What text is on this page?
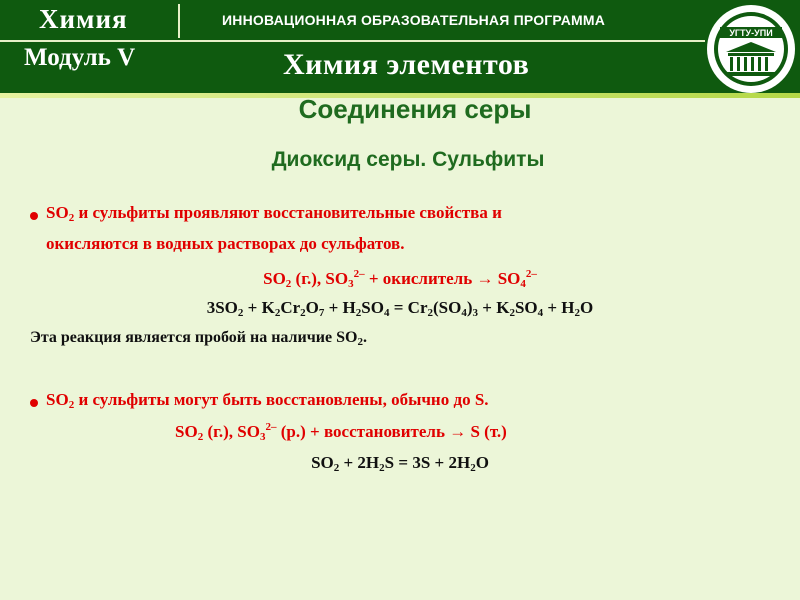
Химия
Модуль V
ИННОВАЦИОННАЯ ОБРАЗОВАТЕЛЬНАЯ ПРОГРАММА
Химия элементов
УГТУ-УПИ
Соединения серы
Диоксид серы. Сульфиты
$SO_2$ и сульфиты проявляют восстановительные свойства и
окисляются в водных растворах до сульфатов.
$SO_2$ (г.), $SO_3^{2-}$ + окислитель → $SO_4^{2-}$
$3SO_2 + K_2Cr_2O_7 + H_2SO_4 = Cr_2(SO_4)_3 + K_2SO_4 + H_2O$
Эта реакция является пробой на наличие $SO_2$.
$SO_2$ и сульфиты могут быть восстановлены, обычно до S.
$SO_2$ (г.), $SO_3^{2-}$ (р.) + восстановитель → S (т.)
$SO_2 + 2H_2S = 3S + 2H_2O$
